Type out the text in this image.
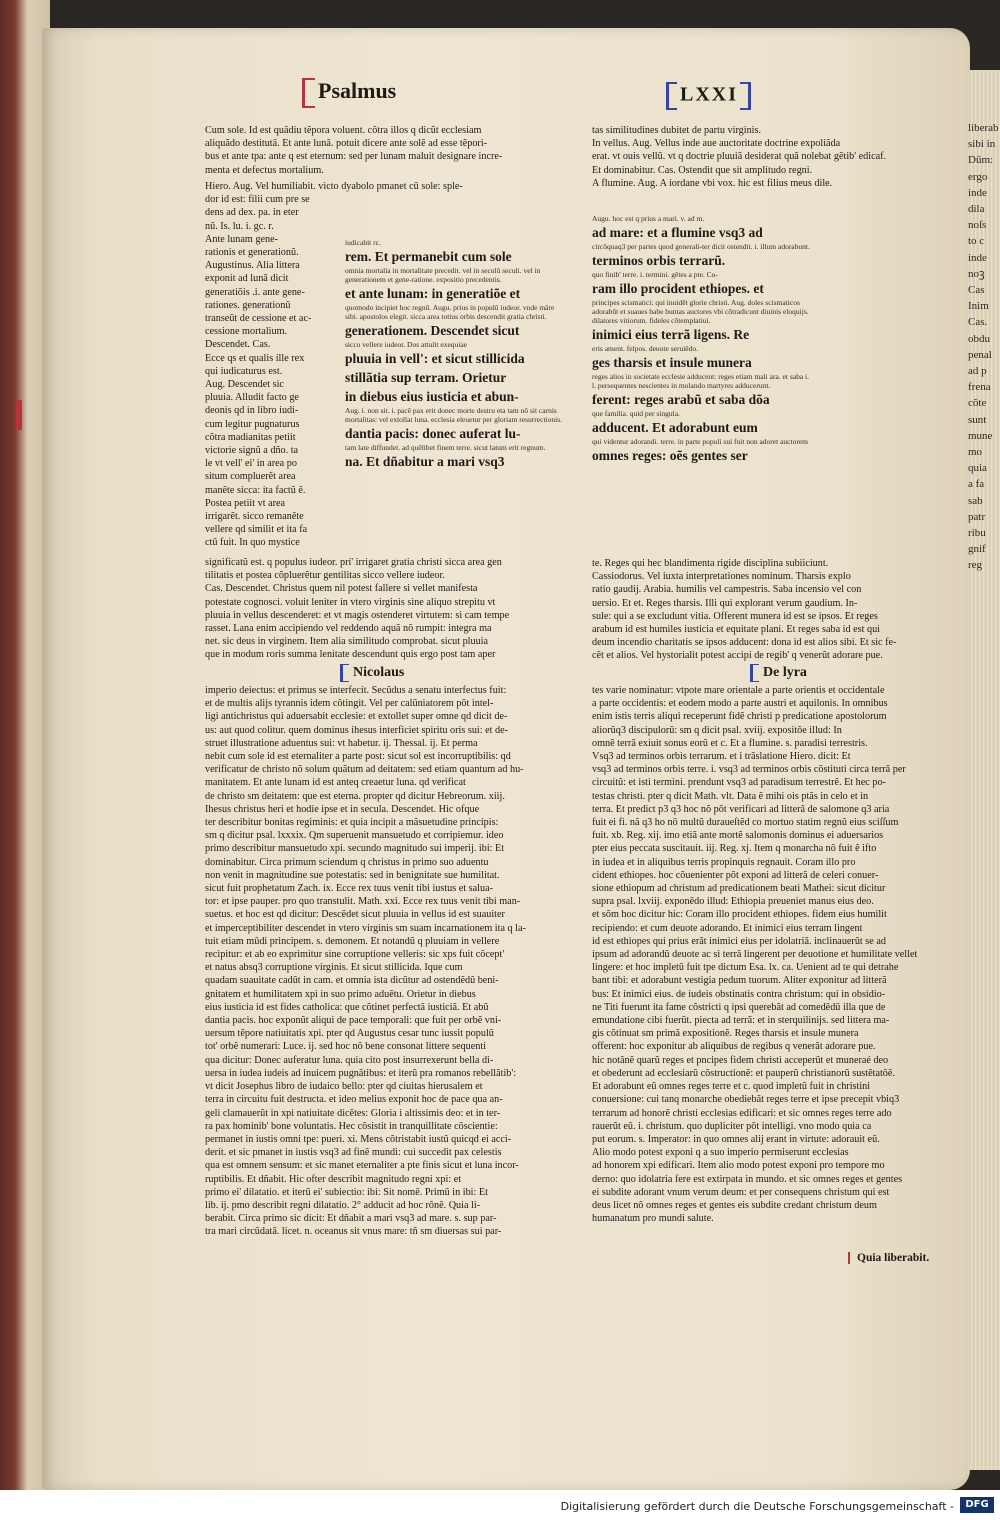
liberab
sibi in
Dũm:
ergo
inde
dila
noſs
to c
inde
noꝫ
Cas
Inim
Cas.
obdu
penal
ad p
frena
cõte
sunt
mune
mo
quia
a fa
sab
patr
ribu
gnif
reg
Psalmus	LXXI
Cum sole. Id est quãdiu tẽpora voluent. cõtra illos q dicũt ecclesiam
aliquãdo destitutã. Et ante lunã. potuit dicere ante solẽ ad esse tẽpori-
bus et ante tpa: ante q est eternum: sed per lunam maluit designare incre-
menta et defectus mortalium.
Hiero. Aug. Vel humiliabit. victo dyabolo pmanet cũ sole: sple-
dor id est: filii cum pre se
dens ad dex. pa. in eter
nũ. Is. lu. i. gc. r.
Ante lunam gene-
rationis et generationũ.
Augustinus. Alia littera
exponit ad lunã dicit
generatiõis .i. ante gene-
rationes. generationũ
transeũt de cessione et ac-
cessione mortalium.
Descendet. Cas.
Ecce qs et qualis ille rex
qui iudicaturus est.
Aug. Descendet sic
pluuia. Alludit facto ge
deonis qd in libro iudi-
cum legitur pugnaturus
cõtra madianitas petiit
victorie signũ a dño. ta
le vt vell' ei' in area po
situm compluerẽt area
manẽte sicca: ita factũ ẽ.
Postea petiit vt area
irrigarẽt. sicco remanẽte
vellere qd similit et ita fa
ctũ fuit. In quo mystice
iudicabit rc.
rem. Et permanebit cum sole
omnia mortalia in mortalitate precedit. vel in seculũ seculi. vel in generationem et gene-ratione. expositio precedentis.
et ante lunam: in generatiõe et
quomodo incipiet hoc regnũ. Augu. prius in populũ iudeor. vnde mãre sibi. apostolos elegit. sicca area totius orbis descendit gratia christi.
generationem. Descendet sicut
sicco vellere iudeor. Dos attulit exequiae
pluuia in vell': et sicut stillicida
stillãtia sup terram. Orietur
in diebus eius iusticia et abun-
Aug. i. non sit. i. pacẽ pax erit donec morte destru eta tam nõ sit carnis mortalitas: vel extollat luna. ecclesia eleuetur per gloriam resurrectionis.
dantia pacis: donec auferat lu-
tam late diffundet. ad quẽlibet finem terre. sicut latum erit regnum.
na. Et dñabitur a mari vsq3
significatũ est. q populus iudeor. pri' irrigaret gratia christi sicca area gen
tilitatis et postea cõpluerẽtur gentilitas sicco vellere iudeor.
Cas. Descendet. Christus quem nil potest fallere si vellet manifesta
potestate cognosci. voluit leniter in vtero virginis sine aliquo strepitu vt
pluuia in vellus descenderet: et vt magis ostenderet virtutem: si cam tempe
rasset. Lana enim accipiendo vel reddendo aquã nõ rumpit: integra ma
net. sic deus in virginem. Item alia similitudo comprobat. sicut pluuia
que in modum roris summa lenitate descendunt quis ergo post tam aper
Nicolaus
imperio deiectus: et primus se interfecit. Secũdus a senatu interfectus fuit:
et de multis alijs tyrannis idem cõtingit. Vel per calũniatorem põt intel-
ligi antichristus qui aduersabit ecclesie: et extollet super omne qd dicit de-
us: aut quod colitur. quem dominus ihesus interficiet spiritu oris sui: et de-
struet illustratione aduentus sui: vt habetur. ij. Thessal. ij. Et perma
nebit cum sole id est eternaliter a parte post: sicut sol est incorruptibilis: qd
verificatur de christo nõ solum quãtum ad deitatem: sed etiam quantum ad hu-
manitatem. Et ante lunam id est anteq creaetur luna. qd verificat
de christo sm deitatem: que est eterna. propter qd dicitur Hebreorum. xiij.
Ihesus christus heri et hodie ipse et in secula. Descendet. Hic ofque
ter describitur bonitas regiminis: et quia incipit a mãsuetudine principis:
sm q dicitur psal. lxxxix. Qm superuenit mansuetudo et corripiemur. ideo
primo describitur mansuetudo xpi. secundo magnitudo sui imperij. ibi: Et
dominabitur. Circa primum sciendum q christus in primo suo aduentu
non venit in magnitudine sue potestatis: sed in benignitate sue humilitat.
sicut fuit prophetatum Zach. ix. Ecce rex tuus venit tibi iustus et salua-
tor: et ipse pauper. pro quo transtulit. Math. xxi. Ecce rex tuus venit tibi man-
suetus. et hoc est qd dicitur: Descẽdet sicut pluuia in vellus id est suauiter
et imperceptibiliter descendet in vtero virginis sm suam incarnationem ita q la-
tuit etiam mũdi principem. s. demonem. Et notandũ q pluuiam in vellere
recipitur: et ab eo exprimitur sine corruptione velleris: sic xps fuit cõcept'
et natus absq3 corruptione virginis. Et sicut stillicida. Ique cum
quadam suauitate cadũt in cam. et omnia ista dicũtur ad ostendẽdũ beni-
gnitatem et humilitatem xpi in suo primo aduẽtu. Orietur in diebus
eius iusticia id est fides catholica: que cõtinet perfectã iusticiã. Et abũ
dantia pacis. hoc exponũt aliqui de pace temporali: que fuit per orbẽ vni-
uersum tẽpore natiuitatis xpi. pter qd Augustus cesar tunc iussit populũ
tot' orbẽ numerari: Luce. ij. sed hoc nõ bene consonat littere sequenti
qua dicitur: Donec auferatur luna. quia cito post insurrexerunt bella di-
uersa in iudea iudeis ad inuicem pugnãtibus: et iterũ pra romanos rebellãtib':
vt dicit Josephus libro de iudaico bello: pter qd ciuitas hierusalem et
terra in circuitu fuit destructa. et ideo melius exponit hoc de pace qua an-
geli clamauerũt in xpi natiuitate dicẽtes: Gloria i altissimis deo: et in ter-
ra pax hominib' bone voluntatis. Hec cõsistit in tranquillitate cõscientie:
permanet in iustis omni tpe: pueri. xi. Mens cõtristabit iustũ quicqd ei acci-
derit. et sic pmanet in iustis vsq3 ad finẽ mundi: cui succedit pax celestis
qua est omnem sensum: et sic manet eternaliter a pte finis sicut et luna incor-
ruptibilis. Et dñabit. Hic ofter describit magnitudo regni xpi: et
primo ei' dilatatio. et iterũ ei' subiectio: ibi: Sit nomẽ. Primũ in ibi: Et
lib. ij. pmo describit regni dilatatio. 2° adducit ad hoc rõnẽ. Quia li-
berabit. Circa primo sic dicit: Et dñabit a mari vsq3 ad mare. s. sup par-
tra mari circũdatã. licet. n. oceanus sit vnus mare: tñ sm diuersas sui par-
tas similitudines dubitet de partu virginis.
In vellus. Aug. Vellus inde aue auctoritate doctrine expoliãda
erat. vt ouis vellũ. vt q doctrie pluuiã desiderat quã nolebat gẽtib' edicaf.
Et dominabitur. Cas. Ostendit que sit amplitudo regni.
A flumine. Aug. A iordane vbi vox. hic est filius meus dile.
Augu. hoc est q prius a mari. v. ad m.
ad mare: et a flumine vsq3 ad
circõquaq3 per partes quod generali-ter dicit ostendit. i. illum adorabunt.
terminos orbis terrarũ.
quo finib' terre. i. termini. gẽtes a pte. Co-
ram illo procident ethiopes. et
principes scismatici: qui inuidẽt glorie christi. Aug. doles scismaticos adorabũt et suaues babe buntas auctores vbi cõtradicunt diuinis eloquijs. dilatores vitiorum. fideles cõtemplatiui.
inimici eius terrã ligens. Re
eris ament. felpos. deuote seruiẽdo.
ges tharsis et insule munera
reges alios in societate ecclesie adducent: reges etiam mali ara. et saba i. l. persequentes nescientes in molando martyres adducerunt.
ferent: reges arabũ et saba dõa
que familia. quid per singula.
adducent. Et adorabunt eum
qui videntur adorandi. terre. in parte populi sui fuit non adoret auctorem
omnes reges: oẽs gentes ser
te. Reges qui hec blandimenta rigide disciplina subiiciunt.
Cassiodorus. Vel iuxta interpretationes nominum. Tharsis explo
ratio gaudij. Arabia. humilis vel campestris. Saba incensio vel con
uersio. Et et. Reges tharsis. Illi qui explorant verum gaudium. In-
sule: qui a se excludunt vitia. Offerent munera id est se ipsos. Et reges
arabum id est humiles iusticia et equitate plani. Et reges saba id est qui
deum incendio charitatis se ipsos adducent: dona id est alios sibi. Et sic fe-
cẽt et alios. Vel hystorialit potest accipi de regib' q venerũt adorare pue.
De lyra
tes varie nominatur: vtpote mare orientale a parte orientis et occidentale
a parte occidentis: et eodem modo a parte austri et aquilonis. In omnibus
enim istis terris aliqui receperunt fidẽ christi p predicatione apostolorum
aliorũq3 discipulorũ: sm q dicit psal. xviij. expositõe illud: In
omnẽ terrã exiuit sonus eorũ et c. Et a flumine. s. paradisi terrestris.
Vsq3 ad terminos orbis terrarum. et i trãslatione Hiero. dicit: Et
vsq3 ad terminos orbis terre. i. vsq3 ad terminos orbis cõstituti circa terrã per
circuitũ: et isti termini. prendunt vsq3 ad paradisum terrestrẽ. Et hec po-
testas christi. pter q dicit Math. vlt. Data ẽ mihi ois ptãs in celo et in
terra. Et predict p3 q3 hoc nõ põt verificari ad litterã de salomone q3 aria
fuit ei fi. nã q3 ho nõ multũ duraueſtẽd co mortuo statim regnũ eius sciſſum
fuit. xb. Reg. xij. imo etiã ante mortẽ salomonis dominus ei aduersarios
pter eius peccata suscitauit. iij. Reg. xj. Item q monarcha nõ fuit ẽ ifto
in iudea et in aliquibus terris propinquis regnauit. Coram illo pro
cident ethiopes. hoc cõuenienter põt exponi ad litterã de celeri conuer-
sione ethiopum ad christum ad predicationem beati Mathei: sicut dicitur
supra psal. lxviij. exponẽdo illud: Ethiopia preueniet manus eius deo.
et sõm hoc dicitur hic: Coram illo procident ethiopes. fidem eius humilit
recipiendo: et cum deuote adorando. Et inimici eius terram lingent
id est ethiopes qui prius erãt inimici eius per idolatriã. inclinauerũt se ad
ipsum ad adorandũ deuote ac si terrã lingerent per deuotione et humilitate vellet
lingere: et hoc impletũ fuit tpe dictum Esa. lx. ca. Uenient ad te qui detrahe
bant tibi: et adorabunt vestigia pedum tuorum. Aliter exponitur ad litterã
bus: Et inimici eius. de iudeis obstinatis contra christum: qui in obsidio-
ne Titi fuerunt ita fame cõstricti q ipsi querebãt ad comedẽdũ illa que de
emundatione cibi fuerũt. piecta ad terrã: et in sterquilinijs. sed littera ma-
gis cõtinuat sm primã expositionẽ. Reges tharsis et insule munera
offerent: hoc exponitur ab aliquibus de regibus q venerãt adorare pue.
hic notãnẽ quarũ reges et pncipes fidem christi acceperũt et muneraé deo
et obederunt ad ecclesiarũ cõstructionẽ: et pauperũ christianorũ sustẽtatõẽ.
Et adorabunt eũ omnes reges terre et c. quod impletũ fuit in christini
conuersione: cui tanq monarche obediebãt reges terre et ipse precepit vbiq3
terrarum ad honorẽ christi ecclesias edificari: et sic omnes reges terre ado
rauerũt eũ. i. christum. quo dupliciter põt intelligi. vno modo quia ca
put eorum. s. Imperator: in quo omnes alij erant in virtute: adorauit eũ.
Alio modo potest exponi q a suo imperio permiserunt ecclesias
ad honorem xpi edificari. Item alio modo potest exponi pro tempore mo
derno: quo idolatria fere est extirpata in mundo. et sic omnes reges et gentes
ei subdite adorant vnum verum deum: et per consequens christum qui est
deus licet nõ omnes reges et gentes eis subdite credant christum deum
humanatum pro mundi salute.
Quia liberabit.
Digitalisierung gefördert durch die Deutsche Forschungsgemeinschaft -	DFG
